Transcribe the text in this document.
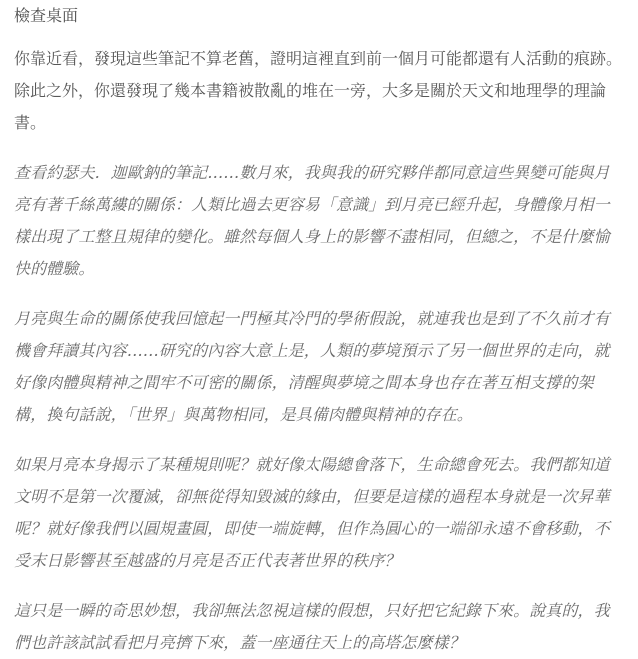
檢查桌面

你靠近看，發現這些筆記不算老舊，證明這裡直到前一個月可能都還有人活動的痕跡。除此之外，你還發現了幾本書籍被散亂的堆在一旁，大多是關於天文和地理學的理論書。

查看約瑟夫．迦歐鈉的筆記……數月來，我與我的研究夥伴都同意這些異變可能與月亮有著千絲萬縷的關係：人類比過去更容易「意識」到月亮已經升起，身體像月相一樣出現了工整且規律的變化。雖然每個人身上的影響不盡相同，但總之，不是什麼愉快的體驗。

月亮與生命的關係使我回憶起一門極其冷門的學術假說，就連我也是到了不久前才有機會拜讀其內容……研究的內容大意上是，人類的夢境預示了另一個世界的走向，就好像肉體與精神之間牢不可密的關係，清醒與夢境之間本身也存在著互相支撐的架構，換句話說，「世界」與萬物相同，是具備肉體與精神的存在。

如果月亮本身揭示了某種規則呢？就好像太陽總會落下，生命總會死去。我們都知道文明不是第一次覆滅，卻無從得知毀滅的緣由，但要是這樣的過程本身就是一次昇華呢？就好像我們以圓規畫圓，即使一端旋轉，但作為圓心的一端卻永遠不會移動，不受末日影響甚至越盛的月亮是否正代表著世界的秩序？

這只是一瞬的奇思妙想，我卻無法忽視這樣的假想，只好把它紀錄下來。說真的，我們也許該試試看把月亮擠下來，蓋一座通往天上的高塔怎麼樣？
